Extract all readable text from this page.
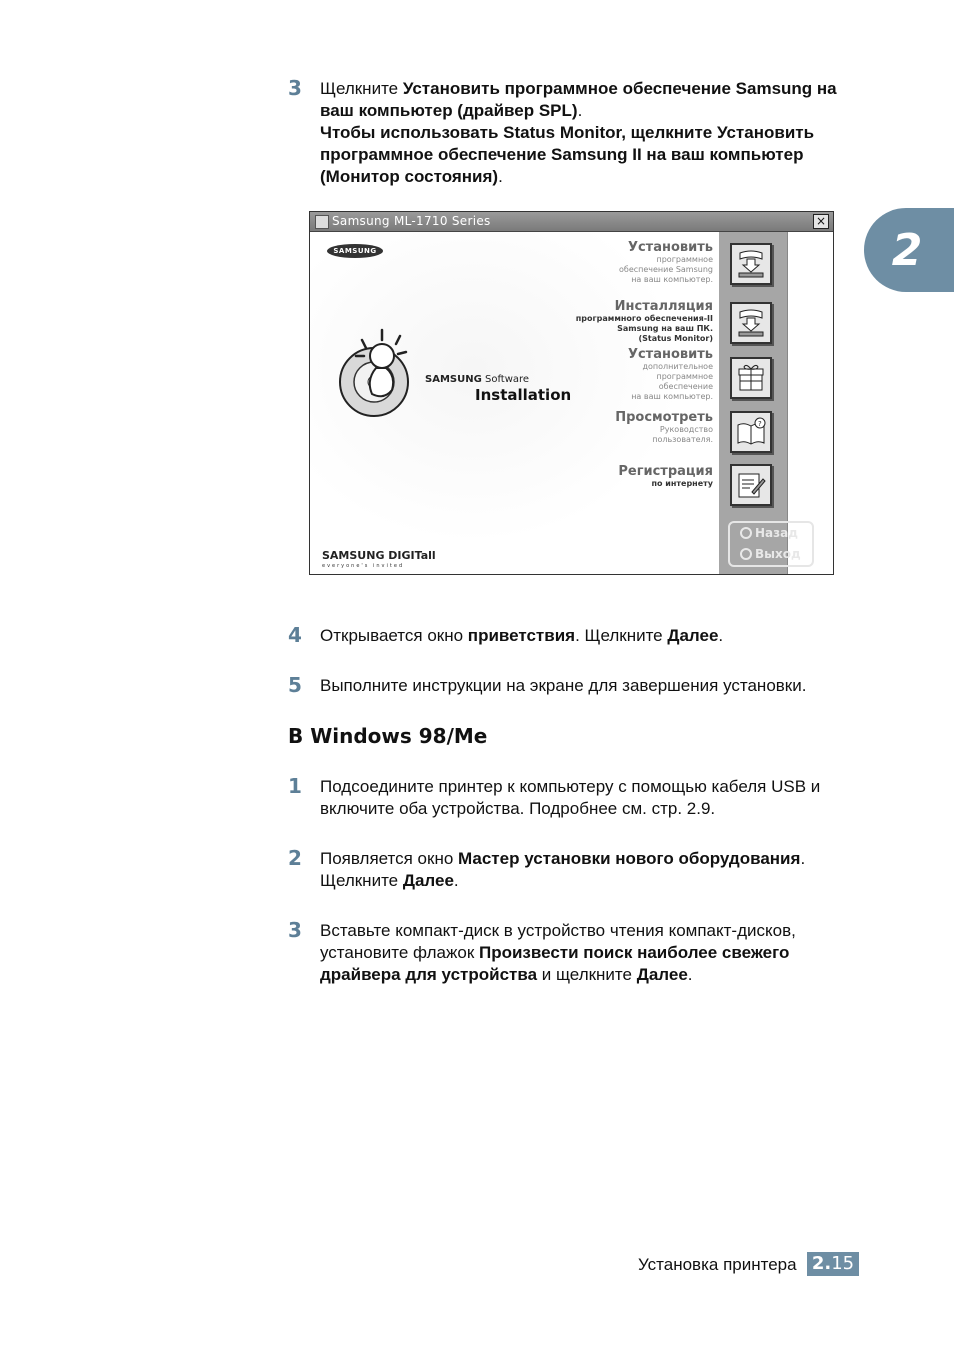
2
3 Щелкните Установить программное обеспечение Samsung на ваш компьютер (драйвер SPL).
Чтобы использовать Status Monitor, щелкните Установить программное обеспечение Samsung II на ваш компьютер (Монитор состояния).
Samsung ML-1710 Series	×
SAMSUNG
SAMSUNG Software
Installation
Установить
программное
обеспечение Samsung
на ваш компьютер.
Инсталляция
программного обеспечения-II
Samsung на ваш ПК.
(Status Monitor)
Установить
дополнительное
программное
обеспечение
на ваш компьютер.
Просмотреть
Руководство
пользователя.
Регистрация
по интернету
SAMSUNG DIGITall
everyone's invited
?
Назад
Выход
4 Открывается окно приветствия. Щелкните Далее.
5 Выполните инструкции на экране для завершения установки.
В Windows 98/Me
1 Подсоедините принтер к компьютеру с помощью кабеля USB и включите оба устройства. Подробнее см. стр. 2.9.
2 Появляется окно Мастер установки нового оборудования. Щелкните Далее.
3 Вставьте компакт-диск в устройство чтения компакт-дисков, установите флажок Произвести поиск наиболее свежего драйвера для устройства и щелкните Далее.
Установка принтера 2.15
